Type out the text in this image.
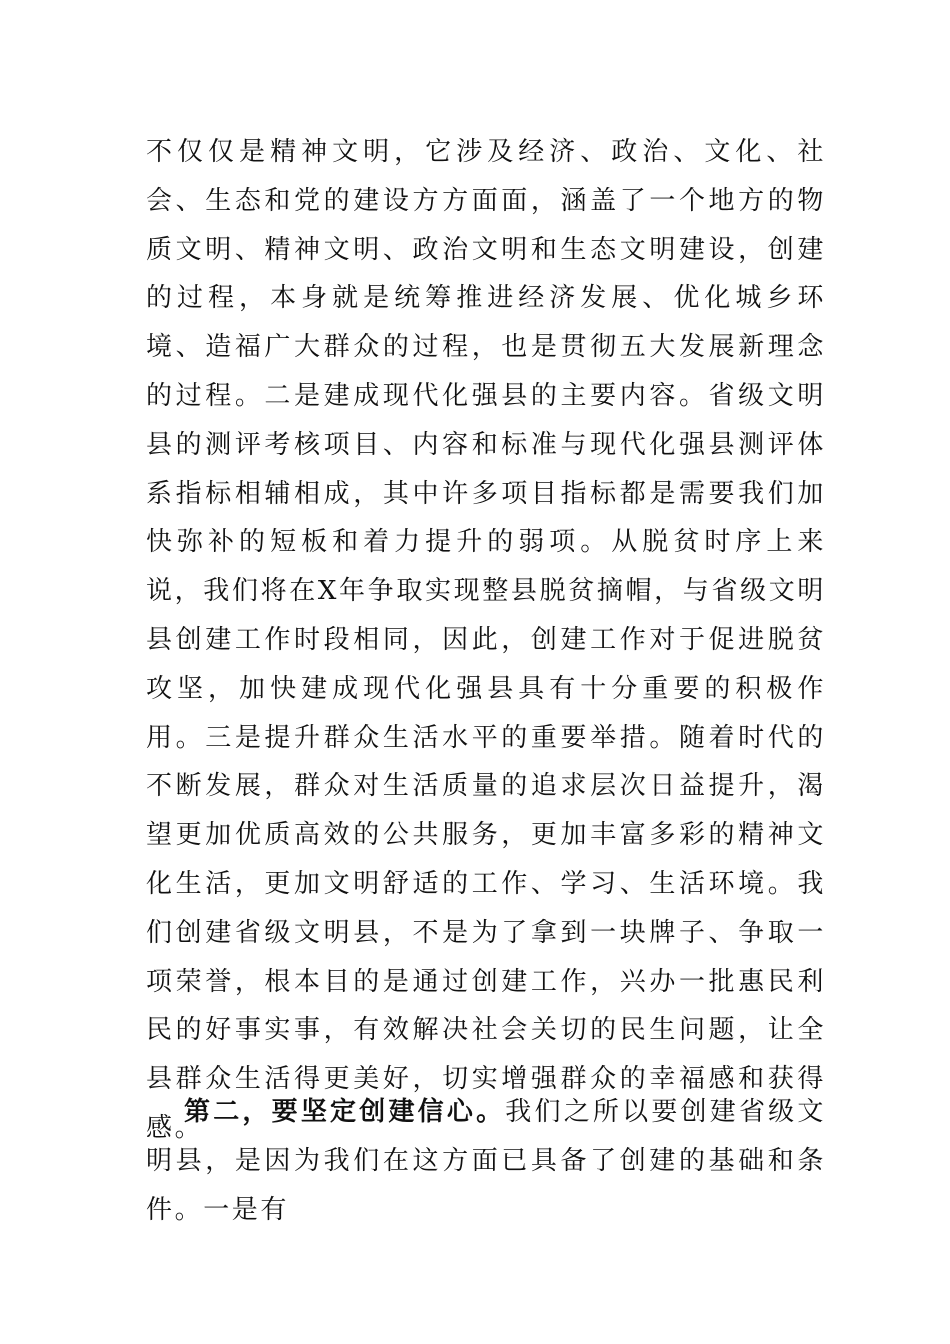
不仅仅是精神文明，它涉及经济、政治、文化、社会、生态和党的建设方方面面，涵盖了一个地方的物质文明、精神文明、政治文明和生态文明建设，创建的过程，本身就是统筹推进经济发展、优化城乡环境、造福广大群众的过程，也是贯彻五大发展新理念的过程。二是建成现代化强县的主要内容。省级文明县的测评考核项目、内容和标准与现代化强县测评体系指标相辅相成，其中许多项目指标都是需要我们加快弥补的短板和着力提升的弱项。从脱贫时序上来说，我们将在X年争取实现整县脱贫摘帽，与省级文明县创建工作时段相同，因此，创建工作对于促进脱贫攻坚，加快建成现代化强县具有十分重要的积极作用。三是提升群众生活水平的重要举措。随着时代的不断发展，群众对生活质量的追求层次日益提升，渴望更加优质高效的公共服务，更加丰富多彩的精神文化生活，更加文明舒适的工作、学习、生活环境。我们创建省级文明县，不是为了拿到一块牌子、争取一项荣誉，根本目的是通过创建工作，兴办一批惠民利民的好事实事，有效解决社会关切的民生问题，让全县群众生活得更美好，切实增强群众的幸福感和获得感。

第二，要坚定创建信心。我们之所以要创建省级文明县，是因为我们在这方面已具备了创建的基础和条件。一是有
